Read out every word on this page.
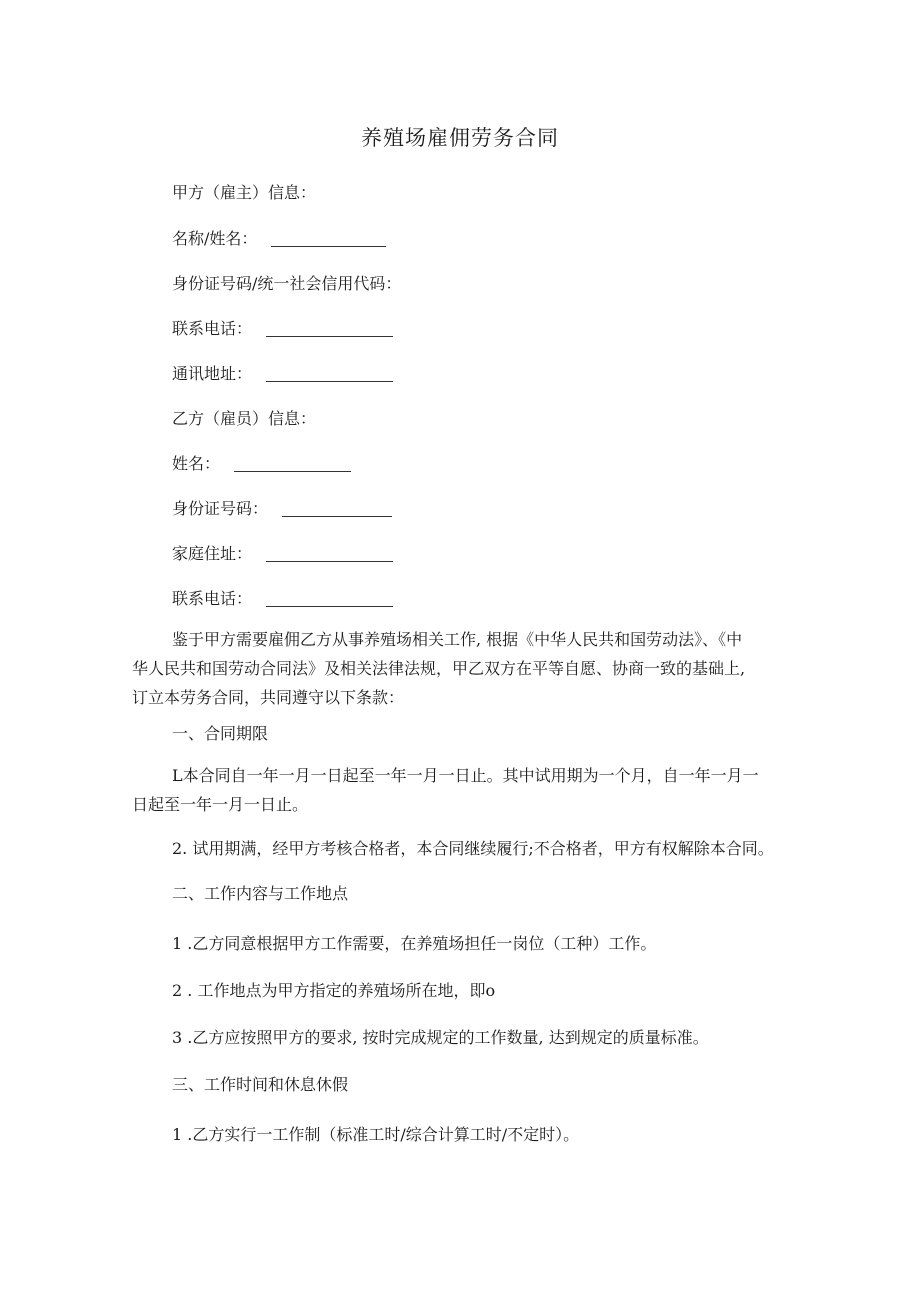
养殖场雇佣劳务合同
甲方（雇主）信息：
名称/姓名：
身份证号码/统一社会信用代码：
联系电话：
通讯地址：
乙方（雇员）信息：
姓名：
身份证号码：
家庭住址：
联系电话：
鉴于甲方需要雇佣乙方从事养殖场相关工作, 根据《中华人民共和国劳动法》、《中
华人民共和国劳动合同法》及相关法律法规，甲乙双方在平等自愿、协商一致的基础上,
订立本劳务合同，共同遵守以下条款：
一、合同期限
L本合同自一年一月一日起至一年一月一日止。其中试用期为一个月，自一年一月一
日起至一年一月一日止。
2. 试用期满，经甲方考核合格者，本合同继续履行;不合格者，甲方有权解除本合同。
二、工作内容与工作地点
1 .乙方同意根据甲方工作需要，在养殖场担任一岗位（工种）工作。
2 . 工作地点为甲方指定的养殖场所在地，即o
3 .乙方应按照甲方的要求, 按时完成规定的工作数量, 达到规定的质量标准。
三、工作时间和休息休假
1 .乙方实行一工作制（标准工时/综合计算工时/不定时）。
